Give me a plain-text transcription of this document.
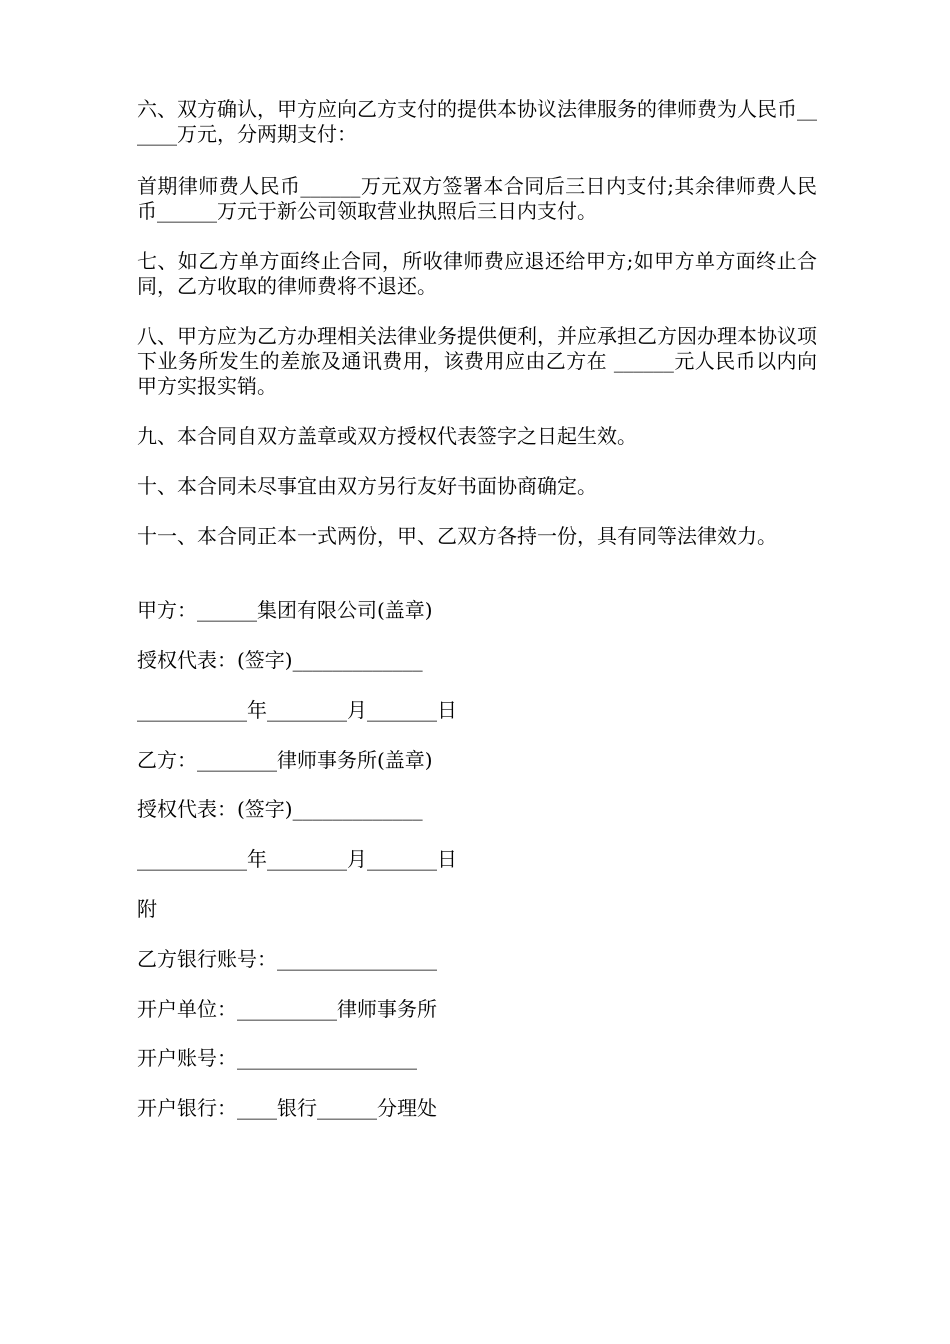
六、双方确认，甲方应向乙方支付的提供本协议法律服务的律师费为人民币______万元，分两期支付：

首期律师费人民币______万元双方签署本合同后三日内支付;其余律师费人民币______万元于新公司领取营业执照后三日内支付。

七、如乙方单方面终止合同，所收律师费应退还给甲方;如甲方单方面终止合同，乙方收取的律师费将不退还。

八、甲方应为乙方办理相关法律业务提供便利，并应承担乙方因办理本协议项下业务所发生的差旅及通讯费用，该费用应由乙方在 ______元人民币以内向甲方实报实销。

九、本合同自双方盖章或双方授权代表签字之日起生效。

十、本合同未尽事宜由双方另行友好书面协商确定。

十一、本合同正本一式两份，甲、乙双方各持一份，具有同等法律效力。

甲方：______集团有限公司(盖章)

授权代表：(签字)_____________

___________年________月_______日

乙方：________律师事务所(盖章)

授权代表：(签字)_____________

___________年________月_______日

附

乙方银行账号：________________

开户单位：__________律师事务所

开户账号：__________________

开户银行：____银行______分理处
